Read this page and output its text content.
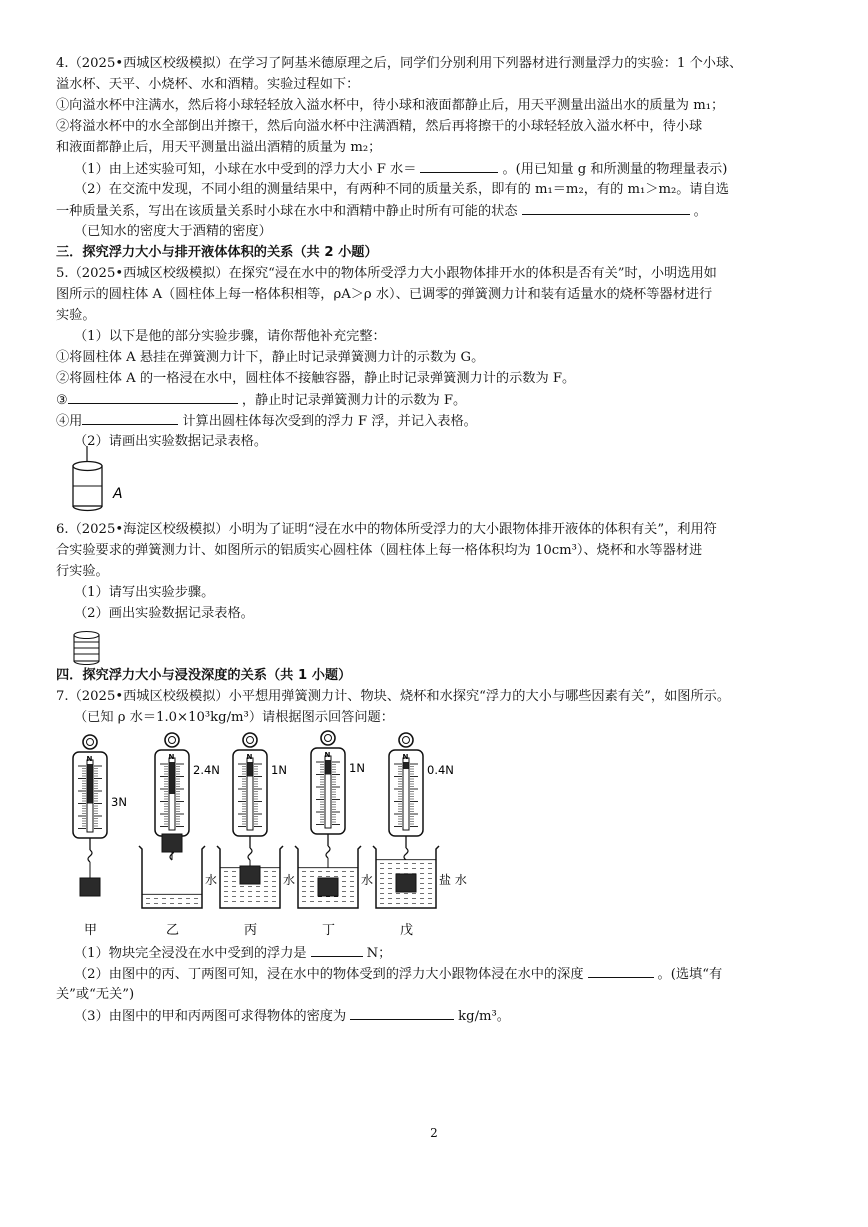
4.（2025•西城区校级模拟）在学习了阿基米德原理之后，同学们分别利用下列器材进行测量浮力的实验：1 个小球、
溢水杯、天平、小烧杯、水和酒精。实验过程如下：
①向溢水杯中注满水，然后将小球轻轻放入溢水杯中，待小球和液面都静止后，用天平测量出溢出水的质量为 m₁；
②将溢水杯中的水全部倒出并擦干，然后向溢水杯中注满酒精，然后再将擦干的小球轻轻放入溢水杯中，待小球
和液面都静止后，用天平测量出溢出酒精的质量为 m₂；
（1）由上述实验可知，小球在水中受到的浮力大小 F 水＝	。(用已知量 g 和所测量的物理量表示)
（2）在交流中发现，不同小组的测量结果中，有两种不同的质量关系，即有的 m₁＝m₂，有的 m₁＞m₂。请自选
一种质量关系，写出在该质量关系时小球在水中和酒精中静止时所有可能的状态	。
（已知水的密度大于酒精的密度）
三．探究浮力大小与排开液体体积的关系（共 2 小题）
5.（2025•西城区校级模拟）在探究“浸在水中的物体所受浮力大小跟物体排开水的体积是否有关”时，小明选用如
图所示的圆柱体 A（圆柱体上每一格体积相等，ρA＞ρ 水）、已调零的弹簧测力计和装有适量水的烧杯等器材进行
实验。
（1）以下是他的部分实验步骤，请你帮他补充完整：
①将圆柱体 A 悬挂在弹簧测力计下，静止时记录弹簧测力计的示数为 G。
②将圆柱体 A 的一格浸在水中，圆柱体不接触容器，静止时记录弹簧测力计的示数为 F。
③	，静止时记录弹簧测力计的示数为 F。
④用	计算出圆柱体每次受到的浮力 F 浮，并记入表格。
（2）请画出实验数据记录表格。
A
6.（2025•海淀区校级模拟）小明为了证明“浸在水中的物体所受浮力的大小跟物体排开液体的体积有关”，利用符
合实验要求的弹簧测力计、如图所示的铝质实心圆柱体（圆柱体上每一格体积均为 10cm³）、烧杯和水等器材进
行实验。
（1）请写出实验步骤。
（2）画出实验数据记录表格。
四．探究浮力大小与浸没深度的关系（共 1 小题）
7.（2025•西城区校级模拟）小平想用弹簧测力计、物块、烧杯和水探究“浮力的大小与哪些因素有关”，如图所示。
（已知 ρ 水＝1.0×10³kg/m³）请根据图示回答问题：
N
3N
甲
N
2.4N
水
乙
N
1N
水
丙
N
1N
水
丁
N
0.4N
盐 水
戊
（1）物块完全浸没在水中受到的浮力是	N；
（2）由图中的丙、丁两图可知，浸在水中的物体受到的浮力大小跟物体浸在水中的深度	。(选填“有
关”或“无关”)
（3）由图中的甲和丙两图可求得物体的密度为	kg/m³。
2
